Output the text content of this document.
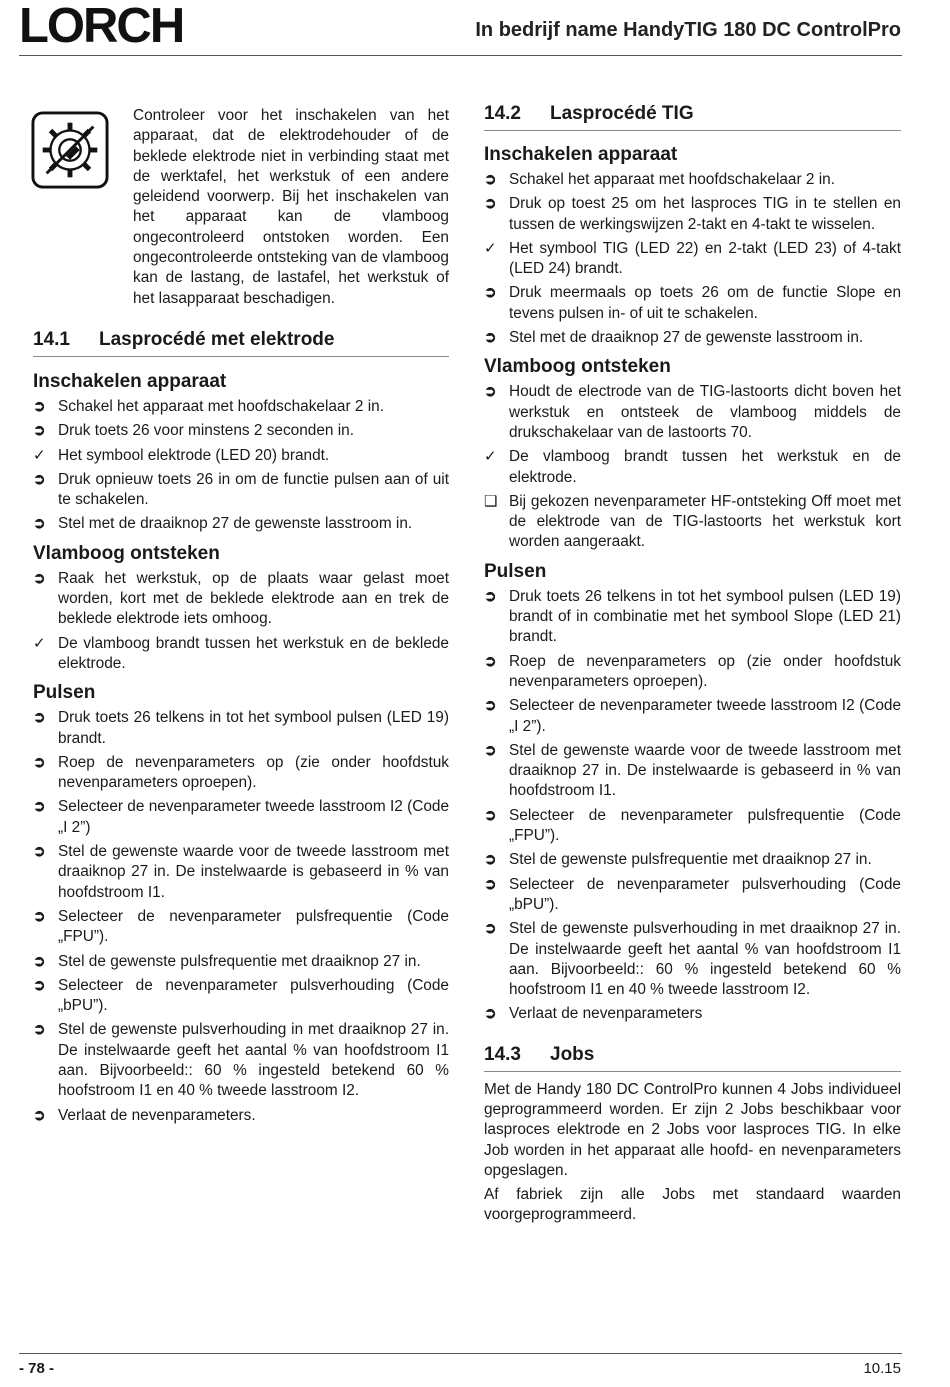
LORCH	In bedrijf name HandyTIG 180 DC ControlPro

Controleer voor het inschakelen van het apparaat, dat de elektrodehouder of de beklede elektrode niet in verbinding staat met de werktafel, het werkstuk of een andere geleidend voorwerp. Bij het inschakelen van het apparaat kan de vlamboog ongecontroleerd ontstoken worden. Een ongecontroleerde ontsteking van de vlamboog kan de lastang, de lastafel, het werkstuk of het lasapparaat beschadigen.

14.1 Lasprocédé met elektrode
Inschakelen apparaat
➲ Schakel het apparaat met hoofdschakelaar 2 in.
➲ Druk toets 26 voor minstens 2 seconden in.
✓ Het symbool elektrode (LED 20) brandt.
➲ Druk opnieuw toets 26 in om de functie pulsen aan of uit te schakelen.
➲ Stel met de draaiknop 27 de gewenste lasstroom in.
Vlamboog ontsteken
➲ Raak het werkstuk, op de plaats waar gelast moet worden, kort met de beklede elektrode aan en trek de beklede elektrode iets omhoog.
✓ De vlamboog brandt tussen het werkstuk en de beklede elektrode.
Pulsen
➲ Druk toets 26 telkens in tot het symbool pulsen (LED 19) brandt.
➲ Roep de nevenparameters op (zie onder hoofdstuk nevenparameters oproepen).
➲ Selecteer de nevenparameter tweede lasstroom I2 (Code „I 2”)
➲ Stel de gewenste waarde voor de tweede lasstroom met draaiknop 27 in. De instelwaarde is gebaseerd in % van hoofdstroom I1.
➲ Selecteer de nevenparameter pulsfrequentie (Code „FPU”).
➲ Stel de gewenste pulsfrequentie met draaiknop 27 in.
➲ Selecteer de nevenparameter pulsverhouding (Code „bPU”).
➲ Stel de gewenste pulsverhouding in met draaiknop 27 in. De instelwaarde geeft het aantal % van hoofdstroom I1 aan. Bijvoorbeeld:: 60 % ingesteld betekend 60 % hoofstroom I1 en 40 % tweede lasstroom I2.
➲ Verlaat de nevenparameters.
14.2 Lasprocédé TIG
Inschakelen apparaat
➲ Schakel het apparaat met hoofdschakelaar 2 in.
➲ Druk op toest 25 om het lasproces TIG in te stellen en tussen de werkingswijzen 2-takt en 4-takt te wisselen.
✓ Het symbool TIG (LED 22) en 2-takt (LED 23) of 4-takt (LED 24) brandt.
➲ Druk meermaals op toets 26 om de functie Slope en tevens pulsen in- of uit te schakelen.
➲ Stel met de draaiknop 27 de gewenste lasstroom in.
Vlamboog ontsteken
➲ Houdt de electrode van de TIG-lastoorts dicht boven het werkstuk en ontsteek de vlamboog middels de drukschakelaar van de lastoorts 70.
✓ De vlamboog brandt tussen het werkstuk en de elektrode.
❑ Bij gekozen nevenparameter HF-ontsteking Off moet met de elektrode van de TIG-lastoorts het werkstuk kort worden aangeraakt.
Pulsen
➲ Druk toets 26 telkens in tot het symbool pulsen (LED 19) brandt of in combinatie met het symbool Slope (LED 21) brandt.
➲ Roep de nevenparameters op (zie onder hoofdstuk nevenparameters oproepen).
➲ Selecteer de nevenparameter tweede lasstroom I2 (Code „I 2”).
➲ Stel de gewenste waarde voor de tweede lasstroom met draaiknop 27 in. De instelwaarde is gebaseerd in % van hoofdstroom I1.
➲ Selecteer de nevenparameter pulsfrequentie (Code „FPU”).
➲ Stel de gewenste pulsfrequentie met draaiknop 27 in.
➲ Selecteer de nevenparameter pulsverhouding (Code „bPU”).
➲ Stel de gewenste pulsverhouding in met draaiknop 27 in. De instelwaarde geeft het aantal % van hoofdstroom I1 aan. Bijvoorbeeld:: 60 % ingesteld betekend 60 % hoofstroom I1 en 40 % tweede lasstroom I2.
➲ Verlaat de nevenparameters
14.3 Jobs

Met de Handy 180 DC ControlPro kunnen 4 Jobs individueel geprogrammeerd worden. Er zijn 2 Jobs beschikbaar voor lasproces elektrode en 2 Jobs voor lasproces TIG. In elke Job worden in het apparaat alle hoofd- en nevenparameters opgeslagen.

Af fabriek zijn alle Jobs met standaard waarden voorgeprogrammeerd.

- 78 -	10.15
